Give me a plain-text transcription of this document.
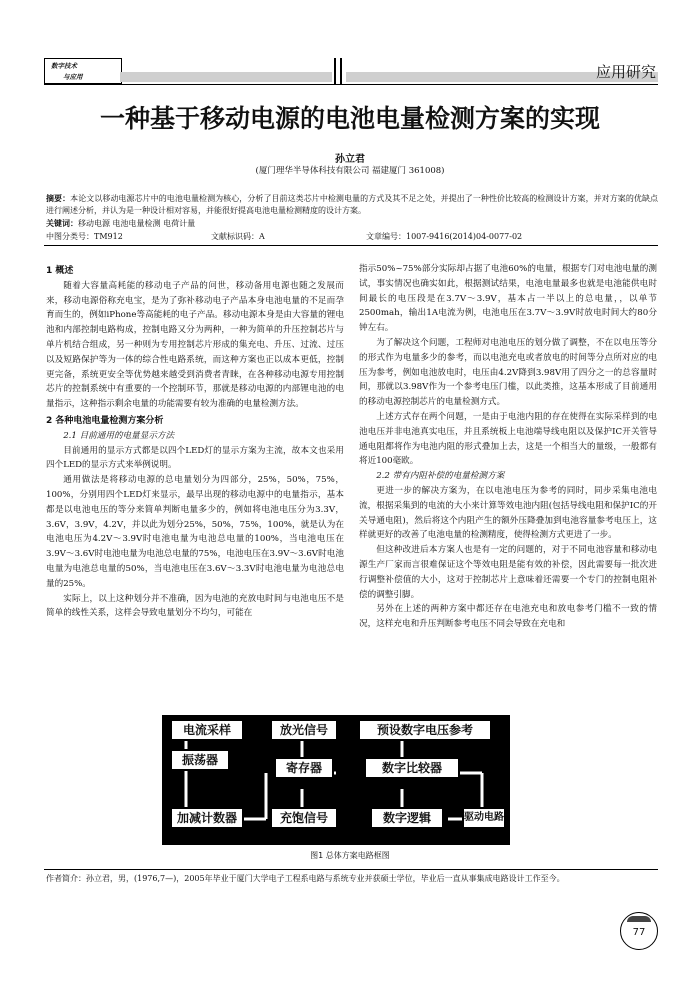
数字技术
与应用	应用研究
一种基于移动电源的电池电量检测方案的实现
孙立君
(厦门理华半导体科技有限公司 福建厦门 361008)
摘要：本论文以移动电源芯片中的电池电量检测为核心，分析了目前这类芯片中检测电量的方式及其不足之处，并提出了一种性价比较高的检测设计方案，并对方案的优缺点进行阐述分析，并认为是一种设计相对容易，并能很好提高电池电量检测精度的设计方案。
关键词：移动电源 电池电量检测 电荷计量
中图分类号：TM912	文献标识码：A	文章编号：1007-9416(2014)04-0077-02
1 概述

随着大容量高耗能的移动电子产品的问世，移动备用电源也随之发展而来，移动电源俗称充电宝，是为了弥补移动电子产品本身电池电量的不足而孕育而生的，例如iPhone等高能耗的电子产品。移动电源本身是由大容量的锂电池和内部控制电路构成，控制电路又分为两种，一种为简单的升压控制芯片与单片机结合组成，另一种则为专用控制芯片形成的集充电、升压、过流、过压以及短路保护等为一体的综合性电路系统，而这种方案也正以成本更低，控制更完备，系统更安全等优势越来越受到消费者青睐，在各种移动电源专用控制芯片的控制系统中有重要的一个控制环节，那就是移动电源的内部锂电池的电量指示，这种指示剩余电量的功能需要有较为准确的电量检测方法。

2 各种电池电量检测方案分析

2.1 目前通用的电量显示方法

目前通用的显示方式都是以四个LED灯的显示方案为主流，故本文也采用四个LED的显示方式来举例说明。

通用做法是将移动电源的总电量划分为四部分，25%，50%，75%，100%，分别用四个LED灯来显示，最早出现的移动电源中的电量指示，基本都是以电池电压的等分来简单判断电量多少的，例如将电池电压分为3.3V，3.6V，3.9V，4.2V，并以此为划分25%，50%，75%，100%，就是认为在电池电压为4.2V～3.9V时电池电量为电池总电量的100%，当电池电压在3.9V～3.6V时电池电量为电池总电量的75%，电池电压在3.9V～3.6V时电池电量为电池总电量的50%，当电池电压在3.6V～3.3V时电池电量为电池总电量的25%。

实际上，以上这种划分并不准确，因为电池的充放电时间与电池电压不是简单的线性关系，这样会导致电量划分不均匀，可能在

指示50%~75%部分实际却占据了电池60%的电量，根据专门对电池电量的测试，事实情况也确实如此，根据测试结果，电池电量最多也就是电池能供电时间最长的电压段是在3.7V～3.9V，基本占一半以上的总电量，，以单节2500mah，输出1A电流为例，电池电压在3.7V～3.9V时放电时间大约80分钟左右。

为了解决这个问题，工程师对电池电压的划分做了调整，不在以电压等分的形式作为电量多少的参考，而以电池充电或者放电的时间等分点所对应的电压为参考，例如电池放电时，电压由4.2V降到3.98V用了四分之一的总容量时间，那就以3.98V作为一个参考电压门槛，以此类推，这基本形成了目前通用的移动电源控制芯片的电量检测方式。

上述方式存在两个问题，一是由于电池内阻的存在使得在实际采样到的电池电压并非电池真实电压，并且系统板上电池端导线电阻以及保护IC开关管导通电阻都将作为电池内阻的形式叠加上去，这是一个相当大的量级，一般都有将近100毫欧。

2.2 带有内阻补偿的电量检测方案

更进一步的解决方案为，在以电池电压为参考的同时，同步采集电池电流，根据采集到的电流的大小来计算等效电池内阻(包括导线电阻和保护IC的开关导通电阻)，然后将这个内阻产生的额外压降叠加到电池容量参考电压上，这样就更好的改善了电池电量的检测精度，使得检测方式更进了一步。

但这种改进后本方案人也是有一定的问题的，对于不同电池容量和移动电源生产厂家而言很难保证这个等效电阻是能有效的补偿，因此需要每一批次进行调整补偿值的大小，这对于控制芯片上意味着还需要一个专门的控制电阻补偿的调整引脚。

另外在上述的两种方案中都还存在电池充电和放电参考门槛不一致的情况，这样充电和升压判断参考电压不同会导致在充电和

电流采样	放光信号	预设数字电压参考
振荡器
寄存器	数字比较器
加减计数器	充饱信号	数字逻辑	驱动电路
图1 总体方案电路框图
作者简介：孙立君，男，(1976,7—)，2005年毕业于厦门大学电子工程系电路与系统专业并获硕士学位，毕业后一直从事集成电路设计工作至今。
77
